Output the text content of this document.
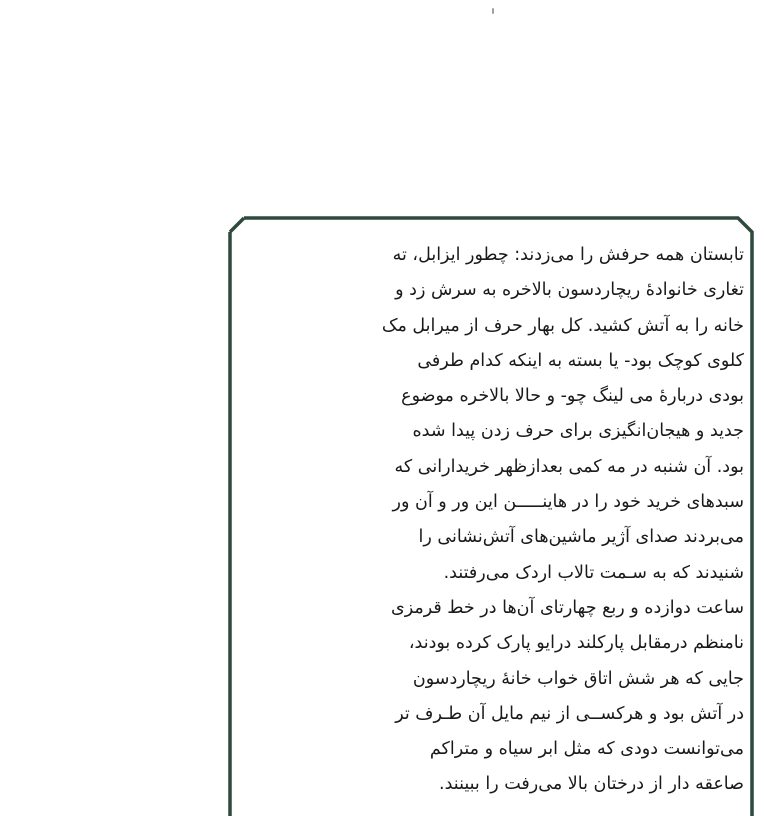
تابستان همه حرفش را می‌زدند: چطور ایزابل، ته
تغاری خانوادهٔ ریچاردسون بالاخره به سرش زد و
خانه را به آتش کشید. کل بهار حرف از میرابل مک
کلوی کوچک بود- یا بسته به اینکه کدام طرفی
بودی دربارهٔ می لینگ چو- و حالا بالاخره موضوع
جدید و هیجان‌انگیزی برای حرف زدن پیدا شده
بود. آن شنبه در مه کمی بعدازظهر خریدارانی که
سبدهای خرید خود را در هاینـــــن این ور و آن ور
می‌بردند صدای آژیر ماشین‌های آتش‌نشانی را
شنیدند که به سـمت تالاب اردک می‌رفتند.
ساعت دوازده و ربع چهارتای آن‌ها در خط قرمزی
نامنظم درمقابل پارکلند درایو پارک کرده بودند،
جایی که هر شش اتاق خواب خانهٔ ریچاردسون
در آتش بود و هرکســی از نیم مایل آن طـرف تر
می‌توانست دودی که مثل ابر سیاه و متراکم
صاعقه دار از درختان بالا می‌رفت را ببینند.
